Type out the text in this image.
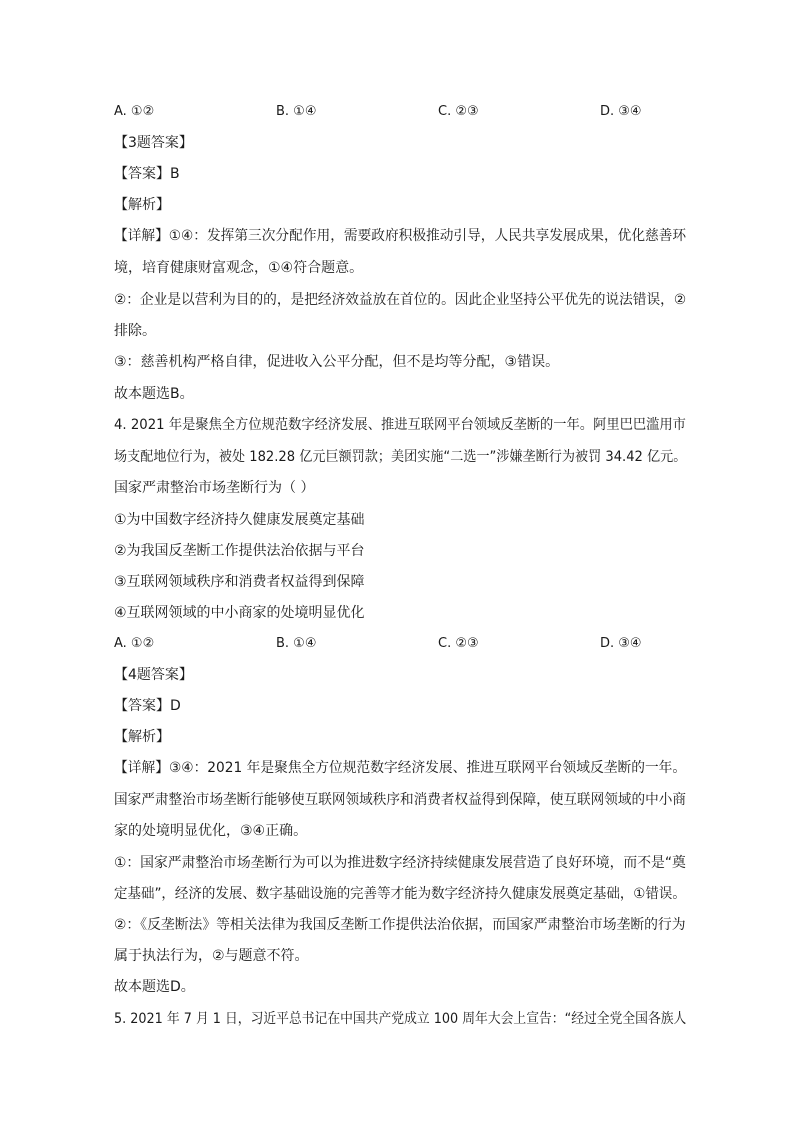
A. ①②	B. ①④	C. ②③	D. ③④
【3题答案】
【答案】B
【解析】
【详解】①④：发挥第三次分配作用，需要政府积极推动引导，人民共享发展成果，优化慈善环
境，培育健康财富观念，①④符合题意。
②：企业是以营利为目的的，是把经济效益放在首位的。因此企业坚持公平优先的说法错误，②
排除。
③：慈善机构严格自律，促进收入公平分配，但不是均等分配，③错误。
故本题选B。
4. 2021 年是聚焦全方位规范数字经济发展、推进互联网平台领域反垄断的一年。阿里巴巴滥用市
场支配地位行为，被处 182.28 亿元巨额罚款；美团实施“二选一”涉嫌垄断行为被罚 34.42 亿元。
国家严肃整治市场垄断行为（ ）
①为中国数字经济持久健康发展奠定基础
②为我国反垄断工作提供法治依据与平台
③互联网领域秩序和消费者权益得到保障
④互联网领域的中小商家的处境明显优化
A. ①②	B. ①④	C. ②③	D. ③④
【4题答案】
【答案】D
【解析】
【详解】③④：2021 年是聚焦全方位规范数字经济发展、推进互联网平台领域反垄断的一年。
国家严肃整治市场垄断行能够使互联网领域秩序和消费者权益得到保障，使互联网领域的中小商
家的处境明显优化，③④正确。
①：国家严肃整治市场垄断行为可以为推进数字经济持续健康发展营造了良好环境，而不是“奠
定基础”，经济的发展、数字基础设施的完善等才能为数字经济持久健康发展奠定基础，①错误。
②：《反垄断法》等相关法律为我国反垄断工作提供法治依据，而国家严肃整治市场垄断的行为
属于执法行为，②与题意不符。
故本题选D。
5. 2021 年 7 月 1 日，习近平总书记在中国共产党成立 100 周年大会上宣告：“经过全党全国各族人
